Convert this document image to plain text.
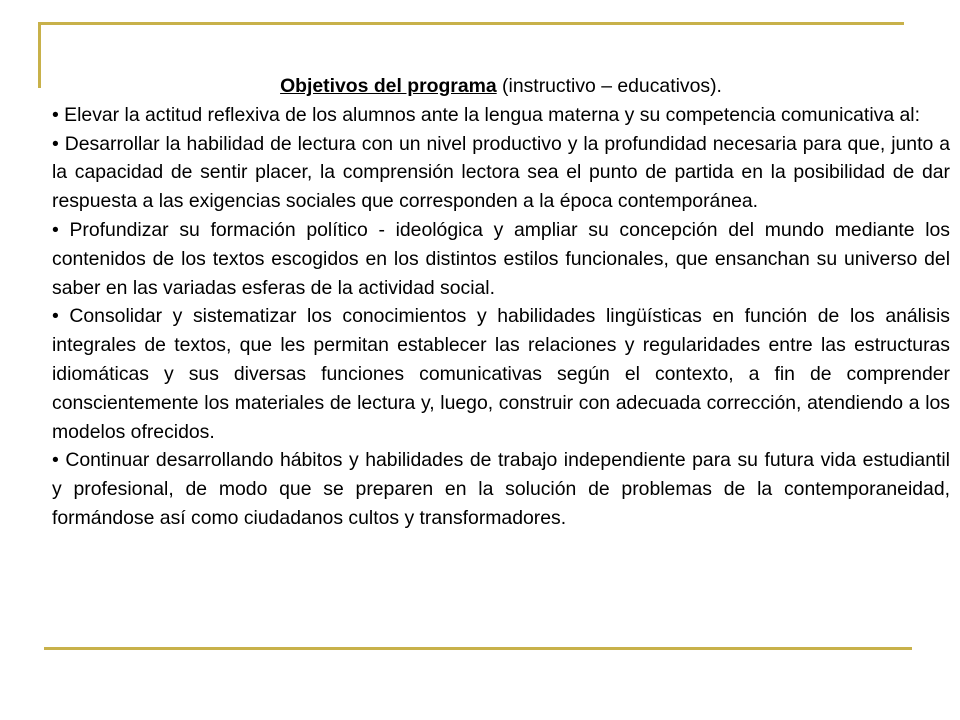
Objetivos del programa (instructivo – educativos).

• Elevar la actitud reflexiva de los alumnos ante la lengua materna y su competencia comunicativa al:

• Desarrollar la habilidad de lectura con un nivel productivo y la profundidad necesaria para que, junto a la capacidad de sentir placer, la comprensión lectora sea el punto de partida en la posibilidad de dar respuesta a las exigencias sociales que corresponden a la época contemporánea.

• Profundizar su formación político - ideológica y ampliar su concepción del mundo mediante los contenidos de los textos escogidos en los distintos estilos funcionales, que ensanchan su universo del saber en las variadas esferas de la actividad social.

• Consolidar y sistematizar los conocimientos y habilidades lingüísticas en función de los análisis integrales de textos, que les permitan establecer las relaciones y regularidades entre las estructuras idiomáticas y sus diversas funciones comunicativas según el contexto, a fin de comprender conscientemente los materiales de lectura y, luego, construir con adecuada corrección, atendiendo a los modelos ofrecidos.

• Continuar desarrollando hábitos y habilidades de trabajo independiente para su futura vida estudiantil y profesional, de modo que se preparen en la solución de problemas de la contemporaneidad, formándose así como ciudadanos cultos y transformadores.
